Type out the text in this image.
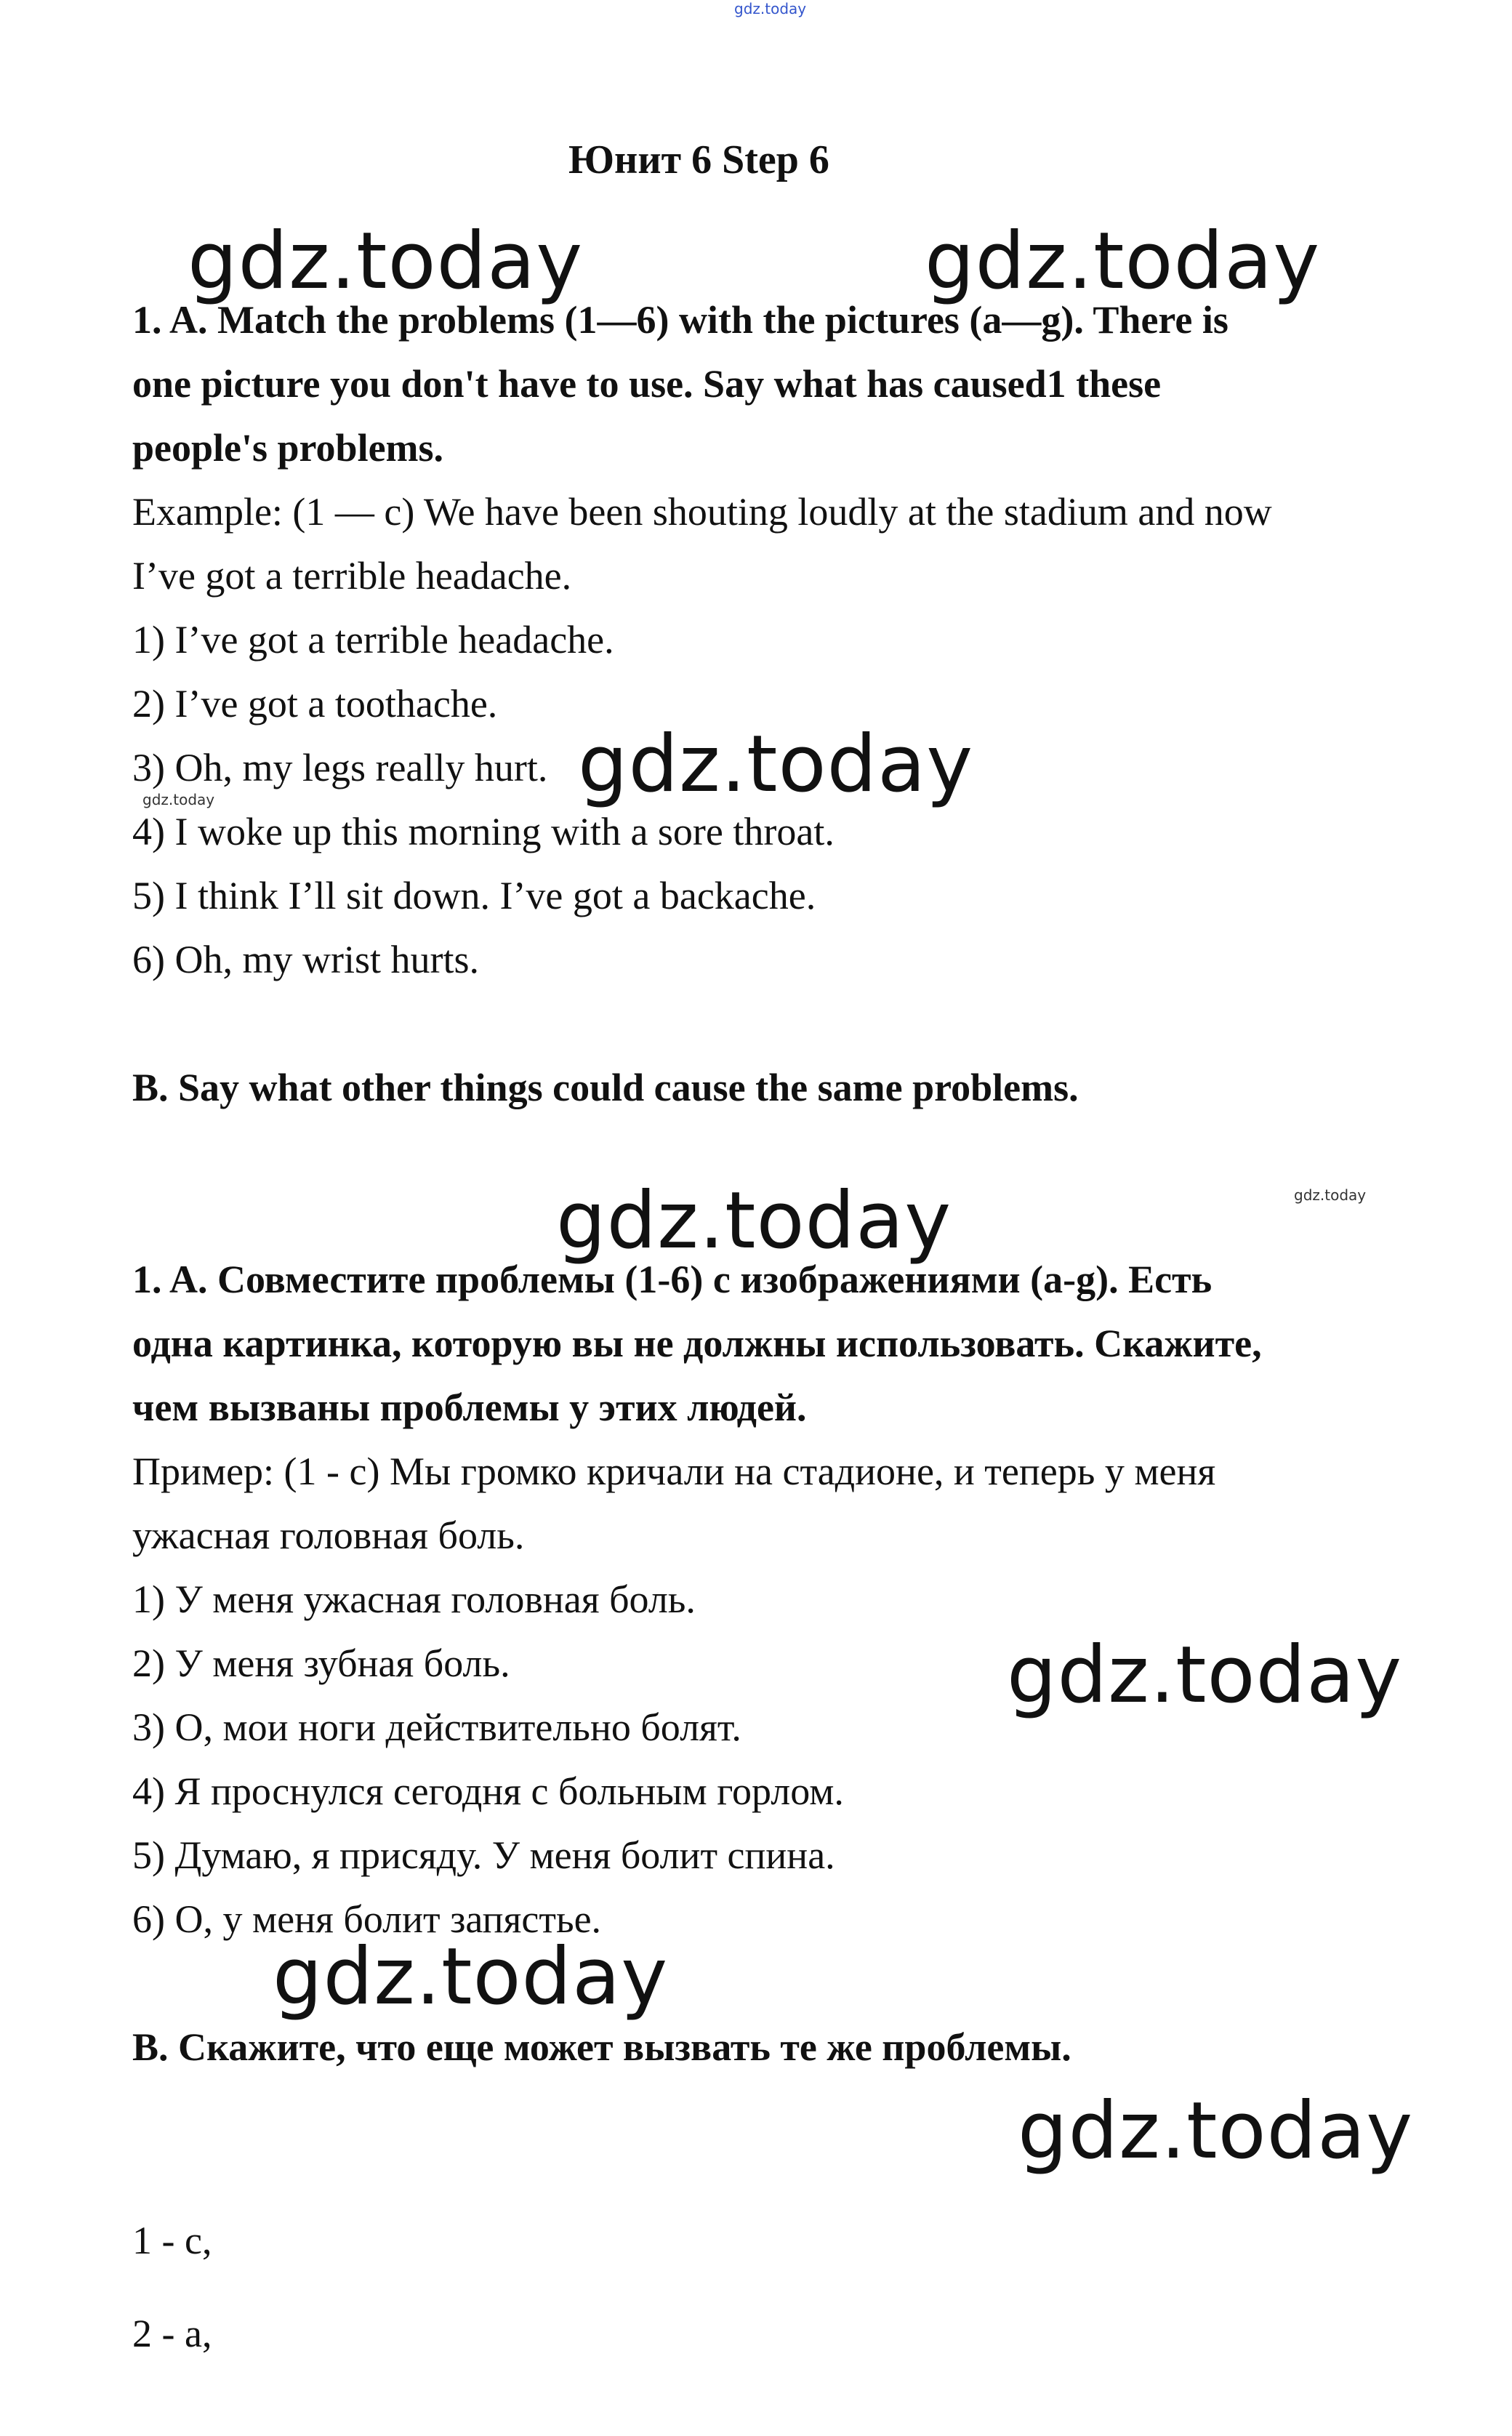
gdz.today
Юнит 6 Step 6
gdz.today	gdz.today
gdz.today
gdz.today
gdz.today	gdz.today
gdz.today
gdz.today
gdz.today
1. A. Match the problems (1—6) with the pictures (a—g). There is
one picture you don't have to use. Say what has caused1 these
people's problems.
Example: (1 — c) We have been shouting loudly at the stadium and now
I’ve got a terrible headache.
1) I’ve got a terrible headache.
2) I’ve got a toothache.
3) Oh, my legs really hurt.
4) I woke up this morning with a sore throat.
5) I think I’ll sit down. I’ve got a backache.
6) Oh, my wrist hurts.
B. Say what other things could cause the same problems.
1. A. Совместите проблемы (1-6) с изображениями (a-g). Есть
одна картинка, которую вы не должны использовать. Скажите,
чем вызваны проблемы у этих людей.
Пример: (1 - c) Мы громко кричали на стадионе, и теперь у меня
ужасная головная боль.
1) У меня ужасная головная боль.
2) У меня зубная боль.
3) О, мои ноги действительно болят.
4) Я проснулся сегодня с больным горлом.
5) Думаю, я присяду. У меня болит спина.
6) О, у меня болит запястье.
B. Скажите, что еще может вызвать те же проблемы.
1 - с,
2 - а,
